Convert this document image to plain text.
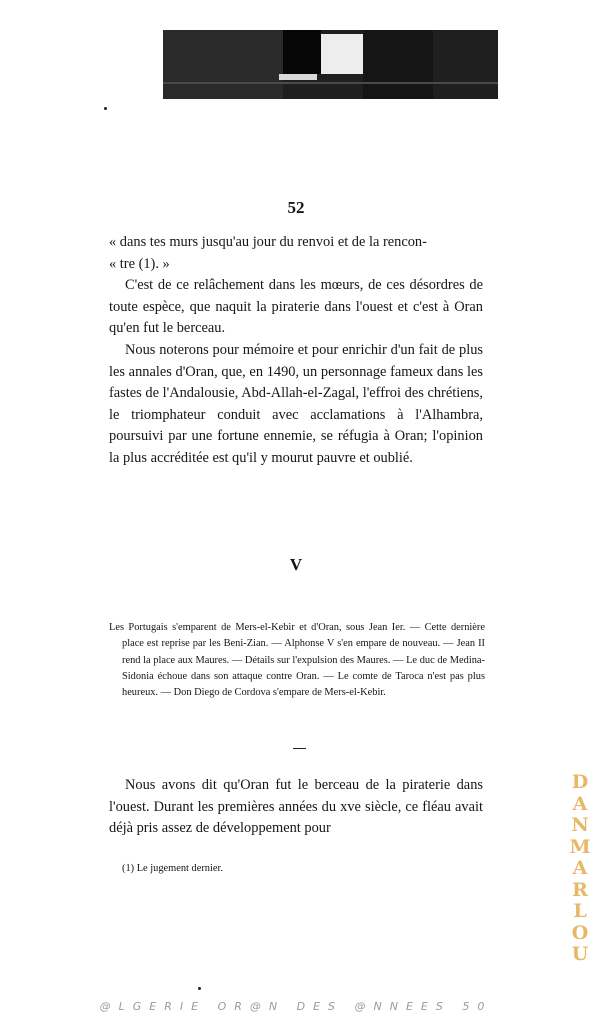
52

« dans tes murs jusqu'au jour du renvoi et de la rencon-

« tre (1). »

C'est de ce relâchement dans les mœurs, de ces désordres de toute espèce, que naquit la piraterie dans l'ouest et c'est à Oran qu'en fut le berceau.

Nous noterons pour mémoire et pour enrichir d'un fait de plus les annales d'Oran, que, en 1490, un personnage fameux dans les fastes de l'Andalousie, Abd-Allah-el-Zagal, l'effroi des chrétiens, le triomphateur conduit avec acclamations à l'Alhambra, poursuivi par une fortune ennemie, se réfugia à Oran; l'opinion la plus accréditée est qu'il y mourut pauvre et oublié.

V

Les Portugais s'emparent de Mers-el-Kebir et d'Oran, sous Jean Ier. — Cette dernière place est reprise par les Beni-Zian. — Alphonse V s'en empare de nouveau. — Jean II rend la place aux Maures. — Détails sur l'expulsion des Maures. — Le duc de Medina-Sidonia échoue dans son attaque contre Oran. — Le comte de Taroca n'est pas plus heureux. — Don Diego de Cordova s'empare de Mers-el-Kebir.

Nous avons dit qu'Oran fut le berceau de la piraterie dans l'ouest. Durant les premières années du xve siècle, ce fléau avait déjà pris assez de développement pour

(1) Le jugement dernier.
D
A
N
M
A
R
L
O
U
@LGERIE OR@N DES @NNEES 50
